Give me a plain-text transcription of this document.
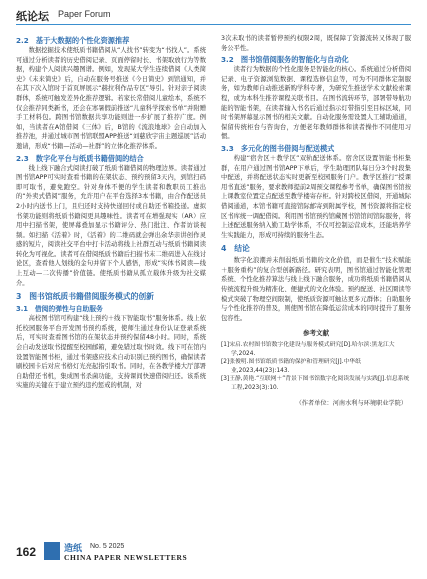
纸论坛 Paper Forum
2.2　基于大数据的个性化资源推荐

数据挖掘技术使纸质书籍借阅从“人找书”转变为“书找人”。系统可通过分析读者的历史借阅记录、页面停留时长、书架取放行为等数据，构建个人阅读兴趣图谱。例如，发现某大学生连续借阅《人类简史》《未来简史》后，自动在服务号推送《今日简史》到馆通知，并在其下次入馆时于首页屏展示“赫拉利作品专区”导引。针对亲子阅读群体，系统可触发差异化推荐逻辑。若家长常借阅儿童绘本，系统不仅会推荐同类新书，还会在寒暑假前推送“儿童科学探索书单”并附赠手工材料包。跨图书馆数据共享功能则进一步扩展了推荐广度。例如，当读者在A馆借阅《三体》后，B馆的《流浪地球》会自动加入推荐池，并通过城市图书馆联盟APP推送“刘慈欣宇宙主题巡展”活动邀请，形成“书籍—活动—社群”的立体化推荐体系。

2.3　数字化平台与纸质书籍借阅的结合

线上线下融合式阅读打破了纸质书籍借阅的物理边界。读者通过图书馆APP可实时查看书籍的在架状态、预约预留3天内，到馆扫码即可取书，避免跑空。针对身体不便的学生读者和教职员工推出的“外卖式借阅”服务，允许用户在平台选择3本书籍，由合作配送员2小时内送书上门，且归还时支持快递回付或自助还书箱投递。虚拟书架功能则将纸质书籍阅更具趣味性。读者可在增强现实（AR）应用中扫描书架，使屏幕叠加显示书籍评分、热门批注、作者访谈视频。如扫描《活着》时，《活着》的二维码就会弹出余华亲讲创作灵感的短片，阅读社交平台中打卡活动将线上社群互动与纸质书籍阅读转化为可视化。读者可在借阅纸质书籍后扫描书末二维码进入在线讨论区，查看他人划线的金句并留下个人感悟，形成“实体书阅读—线上互动—二次传播”价值链。使纸质书籍从孤立载体升级为社交媒介。

3　图书馆纸质书籍借阅服务模式的创新
3.1　借阅的弹性与自助服务

高校图书馆可构建“线上预约＋线下智能取书”服务体系。线上依托校园服务平台开发图书预约系统，使师生通过身份认证登录系统后，可实时查看图书馆的在架状态并预约保留48小时。同时，系统会自动发送取书提醒至校园邮箱，避免错过取书时效。线下可在馆内设置智能图书柜，通过书架感应技术自动识别已预约图书，确保读者刷校园卡后对应书格灯光亮起指引取书。同时，在各教学楼大厅部署自助借还书机，集成图书杀菌功能，支持课间快速借阅归还。该系统实施的关键在于建立预约违约惩戒的机制，对

3次未取书的读者暂停预约权限2周，既保障了资源流转又体现了服务公平性。

3.2　图书馆借阅服务的智能化与自动化

读者行为数据的个性化服务是智能化的核心。系统通过分析借阅记录、电子资源浏览数据、课程选修信息等，可为不同群体定制服务，如为教师自动推送新购学科专著，为研究生推送学术文献检索课程，或为本科生推荐课程关联书目。在图书流转环节，部署带导航功能的智能书架，在读者输入书名后通过指示灯带指引至目标区域，同时书架屏幕显示图书的相关文献。自动化服务需设置人工辅助通道，保留传统柜台与咨询台，方便老年教师群体和读者操作不同使用习惯。

3.3　多元化的图书借阅与配送模式

构建“宿舍区＋教学区”双轨配送体系。宿舍区设置智能书柜集群，在用户通过图书馆APP下单后，学生助理团队每日分3个时段集中配送，并将配送状态实时更新至校园服务门户。教学区推行“授课用书直送”服务，要求教师提前2周预交课程参考书单，确保图书馆按上课教室位置定点配送至教学楼寄存柜。针对跨校区借阅，开通城际借阅通道，本馆书籍可直接馆际邮寄到附属学校，图书资源将指定校区书库统一调配借阅。利用图书馆预约馆藏图书馆馆间馆际服务，将上述配送服务纳入勤工助学体系，不仅可控制运营成本，还能培养学生实践能力，形成可持续的服务生态。

4　结论

数字化浪潮并未削弱纸质书籍的文化价值，而是催生“技术赋能＋服务重构”的复合型创新路径。研究表明，图书馆通过智能化管理系统、个性化推荐算法与线上线下融合服务，成功将纸质书籍借阅从传统流程升级为精准化、便捷式的文化体验。预约配送、社区圈读等模式突破了物理空间限制，使纸质资源可触达更多元群体；自助服务与个性化推荐的普及，则使图书馆在降低运营成本的同时提升了服务包容性。

参考文献
[1]宋启.农村图书馆数字化建设与服务模式研究[D].哈尔滨:黑龙江大学,2024.
[2]张俊明.图书馆纸质书籍的保护和管理研究[J].中华纸业,2023,44(23):143.
[3]王静,黄艳.“互联网＋”背景下图书馆数字化阅读发展与实践[J].信息系统工程,2023(3):10.
（作者单位：河南水利与环境职业学院）
162	造纸 No. 5 2025
CHINA PAPER NEWSLETTERS
